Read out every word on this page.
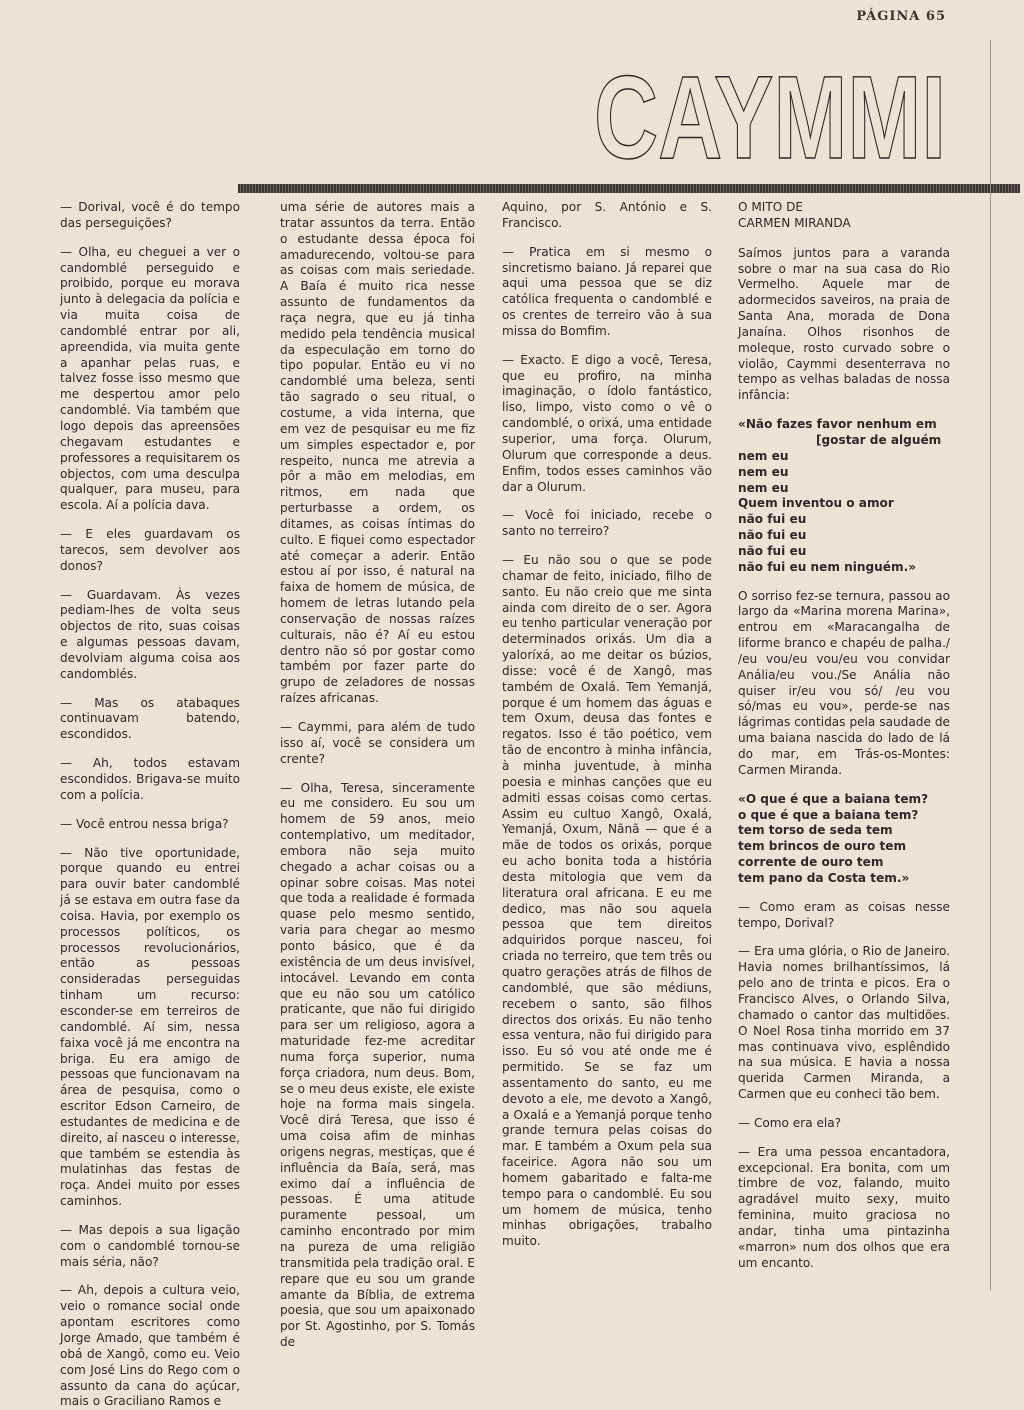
PÁGINA 65
CAYMMI

— Dorival, você é do tempo das perseguições?

— Olha, eu cheguei a ver o candomblé perseguido e proibido, porque eu morava junto à delegacia da polícia e via muita coisa de candomblé entrar por ali, apreendida, via muita gente a apanhar pelas ruas, e talvez fosse isso mesmo que me despertou amor pelo candomblé. Via também que logo depois das apreensões chegavam estudantes e professores a requisitarem os objectos, com uma desculpa qualquer, para museu, para escola. Aí a polícia dava.

— E eles guardavam os tarecos, sem devolver aos donos?

— Guardavam. Às vezes pediam-lhes de volta seus objectos de rito, suas coisas e algumas pessoas davam, devolviam alguma coisa aos candomblés.

— Mas os atabaques continuavam batendo, escondidos.

— Ah, todos estavam escondidos. Brigava-se muito com a polícia.

— Você entrou nessa briga?

— Não tive oportunidade, porque quando eu entrei para ouvir bater candomblé já se estava em outra fase da coisa. Havia, por exemplo os processos políticos, os processos revolucionários, então as pessoas consideradas perseguidas tinham um recurso: esconder-se em terreiros de candomblé. Aí sim, nessa faixa você já me encontra na briga. Eu era amigo de pessoas que funcionavam na área de pesquisa, como o escritor Edson Carneiro, de estudantes de medicina e de direito, aí nasceu o interesse, que também se estendia às mulatinhas das festas de roça. Andei muito por esses caminhos.

— Mas depois a sua ligação com o candomblé tornou-se mais séria, não?

— Ah, depois a cultura veio, veio o romance social onde apontam escritores como Jorge Amado, que também é obá de Xangô, como eu. Veio com José Lins do Rego com o assunto da cana do açúcar, mais o Graciliano Ramos e

uma série de autores mais a tratar assuntos da terra. Então o estudante dessa época foi amadurecendo, voltou-se para as coisas com mais seriedade. A Baía é muito rica nesse assunto de fundamentos da raça negra, que eu já tinha medido pela tendência musical da especulação em torno do tipo popular. Então eu vi no candomblé uma beleza, senti tão sagrado o seu ritual, o costume, a vida interna, que em vez de pesquisar eu me fiz um simples espectador e, por respeito, nunca me atrevia a pôr a mão em melodias, em ritmos, em nada que perturbasse a ordem, os ditames, as coisas íntimas do culto. E fiquei como espectador até começar a aderir. Então estou aí por isso, é natural na faixa de homem de música, de homem de letras lutando pela conservação de nossas raízes culturais, não é? Aí eu estou dentro não só por gostar como também por fazer parte do grupo de zeladores de nossas raízes africanas.

— Caymmi, para além de tudo isso aí, você se considera um crente?

— Olha, Teresa, sinceramente eu me considero. Eu sou um homem de 59 anos, meio contemplativo, um meditador, embora não seja muito chegado a achar coisas ou a opinar sobre coisas. Mas notei que toda a realidade é formada quase pelo mesmo sentido, varia para chegar ao mesmo ponto básico, que é da existência de um deus invisível, intocável. Levando em conta que eu não sou um católico praticante, que não fui dirigido para ser um religioso, agora a maturidade fez-me acreditar numa força superior, numa força criadora, num deus. Bom, se o meu deus existe, ele existe hoje na forma mais singela. Você dirá Teresa, que isso é uma coisa afim de minhas origens negras, mestiças, que é influência da Baía, será, mas eximo daí a influência de pessoas. É uma atitude puramente pessoal, um caminho encontrado por mim na pureza de uma religião transmitida pela tradição oral. E repare que eu sou um grande amante da Bíblia, de extrema poesia, que sou um apaixonado por St. Agostinho, por S. Tomás de

Aquino, por S. António e S. Francisco.

— Pratica em si mesmo o sincretismo baiano. Já reparei que aqui uma pessoa que se diz católica frequenta o candomblé e os crentes de terreiro vão à sua missa do Bomfim.

— Exacto. E digo a você, Teresa, que eu profiro, na minha imaginação, o ídolo fantástico, liso, limpo, visto como o vê o candomblé, o orixá, uma entidade superior, uma força. Olurum, Olurum que corresponde a deus. Enfim, todos esses caminhos vão dar a Olurum.

— Você foi iniciado, recebe o santo no terreiro?

— Eu não sou o que se pode chamar de feito, iniciado, filho de santo. Eu não creio que me sinta ainda com direito de o ser. Agora eu tenho particular veneração por determinados orixás. Um dia a yaloríxá, ao me deitar os búzios, disse: você é de Xangô, mas também de Oxalá. Tem Yemanjá, porque é um homem das águas e tem Oxum, deusa das fontes e regatos. Isso é tão poético, vem tão de encontro à minha infância, à minha juventude, à minha poesia e minhas canções que eu admiti essas coisas como certas. Assim eu cultuo Xangô, Oxalá, Yemanjá, Oxum, Nãnã — que é a mãe de todos os orixás, porque eu acho bonita toda a história desta mitologia que vem da literatura oral africana. E eu me dedico, mas não sou aquela pessoa que tem direitos adquiridos porque nasceu, foi criada no terreiro, que tem três ou quatro gerações atrás de filhos de candomblé, que são médiuns, recebem o santo, são filhos directos dos orixás. Eu não tenho essa ventura, não fui dirigido para isso. Eu só vou até onde me é permitido. Se se faz um assentamento do santo, eu me devoto a ele, me devoto a Xangô, a Oxalá e a Yemanjá porque tenho grande ternura pelas coisas do mar. E também a Oxum pela sua faceirice. Agora não sou um homem gabaritado e falta-me tempo para o candomblé. Eu sou um homem de música, tenho minhas obrigações, trabalho muito.

O MITO DE
CARMEN MIRANDA

Saímos juntos para a varanda sobre o mar na sua casa do Rio Vermelho. Aquele mar de adormecidos saveiros, na praia de Santa Ana, morada de Dona Janaína. Olhos risonhos de moleque, rosto curvado sobre o violão, Caymmi desenterrava no tempo as velhas baladas de nossa infância:

«Não fazes favor nenhum em
[gostar de alguém
nem eu
nem eu
nem eu
Quem inventou o amor
não fui eu
não fui eu
não fui eu
não fui eu nem ninguém.»

O sorriso fez-se ternura, passou ao largo da «Marina morena Marina», entrou em «Maracangalha de liforme branco e chapéu de palha./ /eu vou/eu vou/eu vou convidar Anália/eu vou./Se Anália não quiser ir/eu vou só/ /eu vou só/mas eu vou», perde-se nas lágrimas contidas pela saudade de uma baiana nascida do lado de lá do mar, em Trás-os-Montes: Carmen Miranda.

«O que é que a baiana tem?
o que é que a baiana tem?
tem torso de seda tem
tem brincos de ouro tem
corrente de ouro tem
tem pano da Costa tem.»

— Como eram as coisas nesse tempo, Dorival?

— Era uma glória, o Rio de Janeiro. Havia nomes brilhantíssimos, lá pelo ano de trinta e picos. Era o Francisco Alves, o Orlando Silva, chamado o cantor das multidões. O Noel Rosa tinha morrido em 37 mas continuava vivo, esplêndido na sua música. E havia a nossa querida Carmen Miranda, a Carmen que eu conheci tão bem.

— Como era ela?

— Era uma pessoa encantadora, excepcional. Era bonita, com um timbre de voz, falando, muito agradável muito sexy, muito feminina, muito graciosa no andar, tinha uma pintazinha «marron» num dos olhos que era um encanto.
